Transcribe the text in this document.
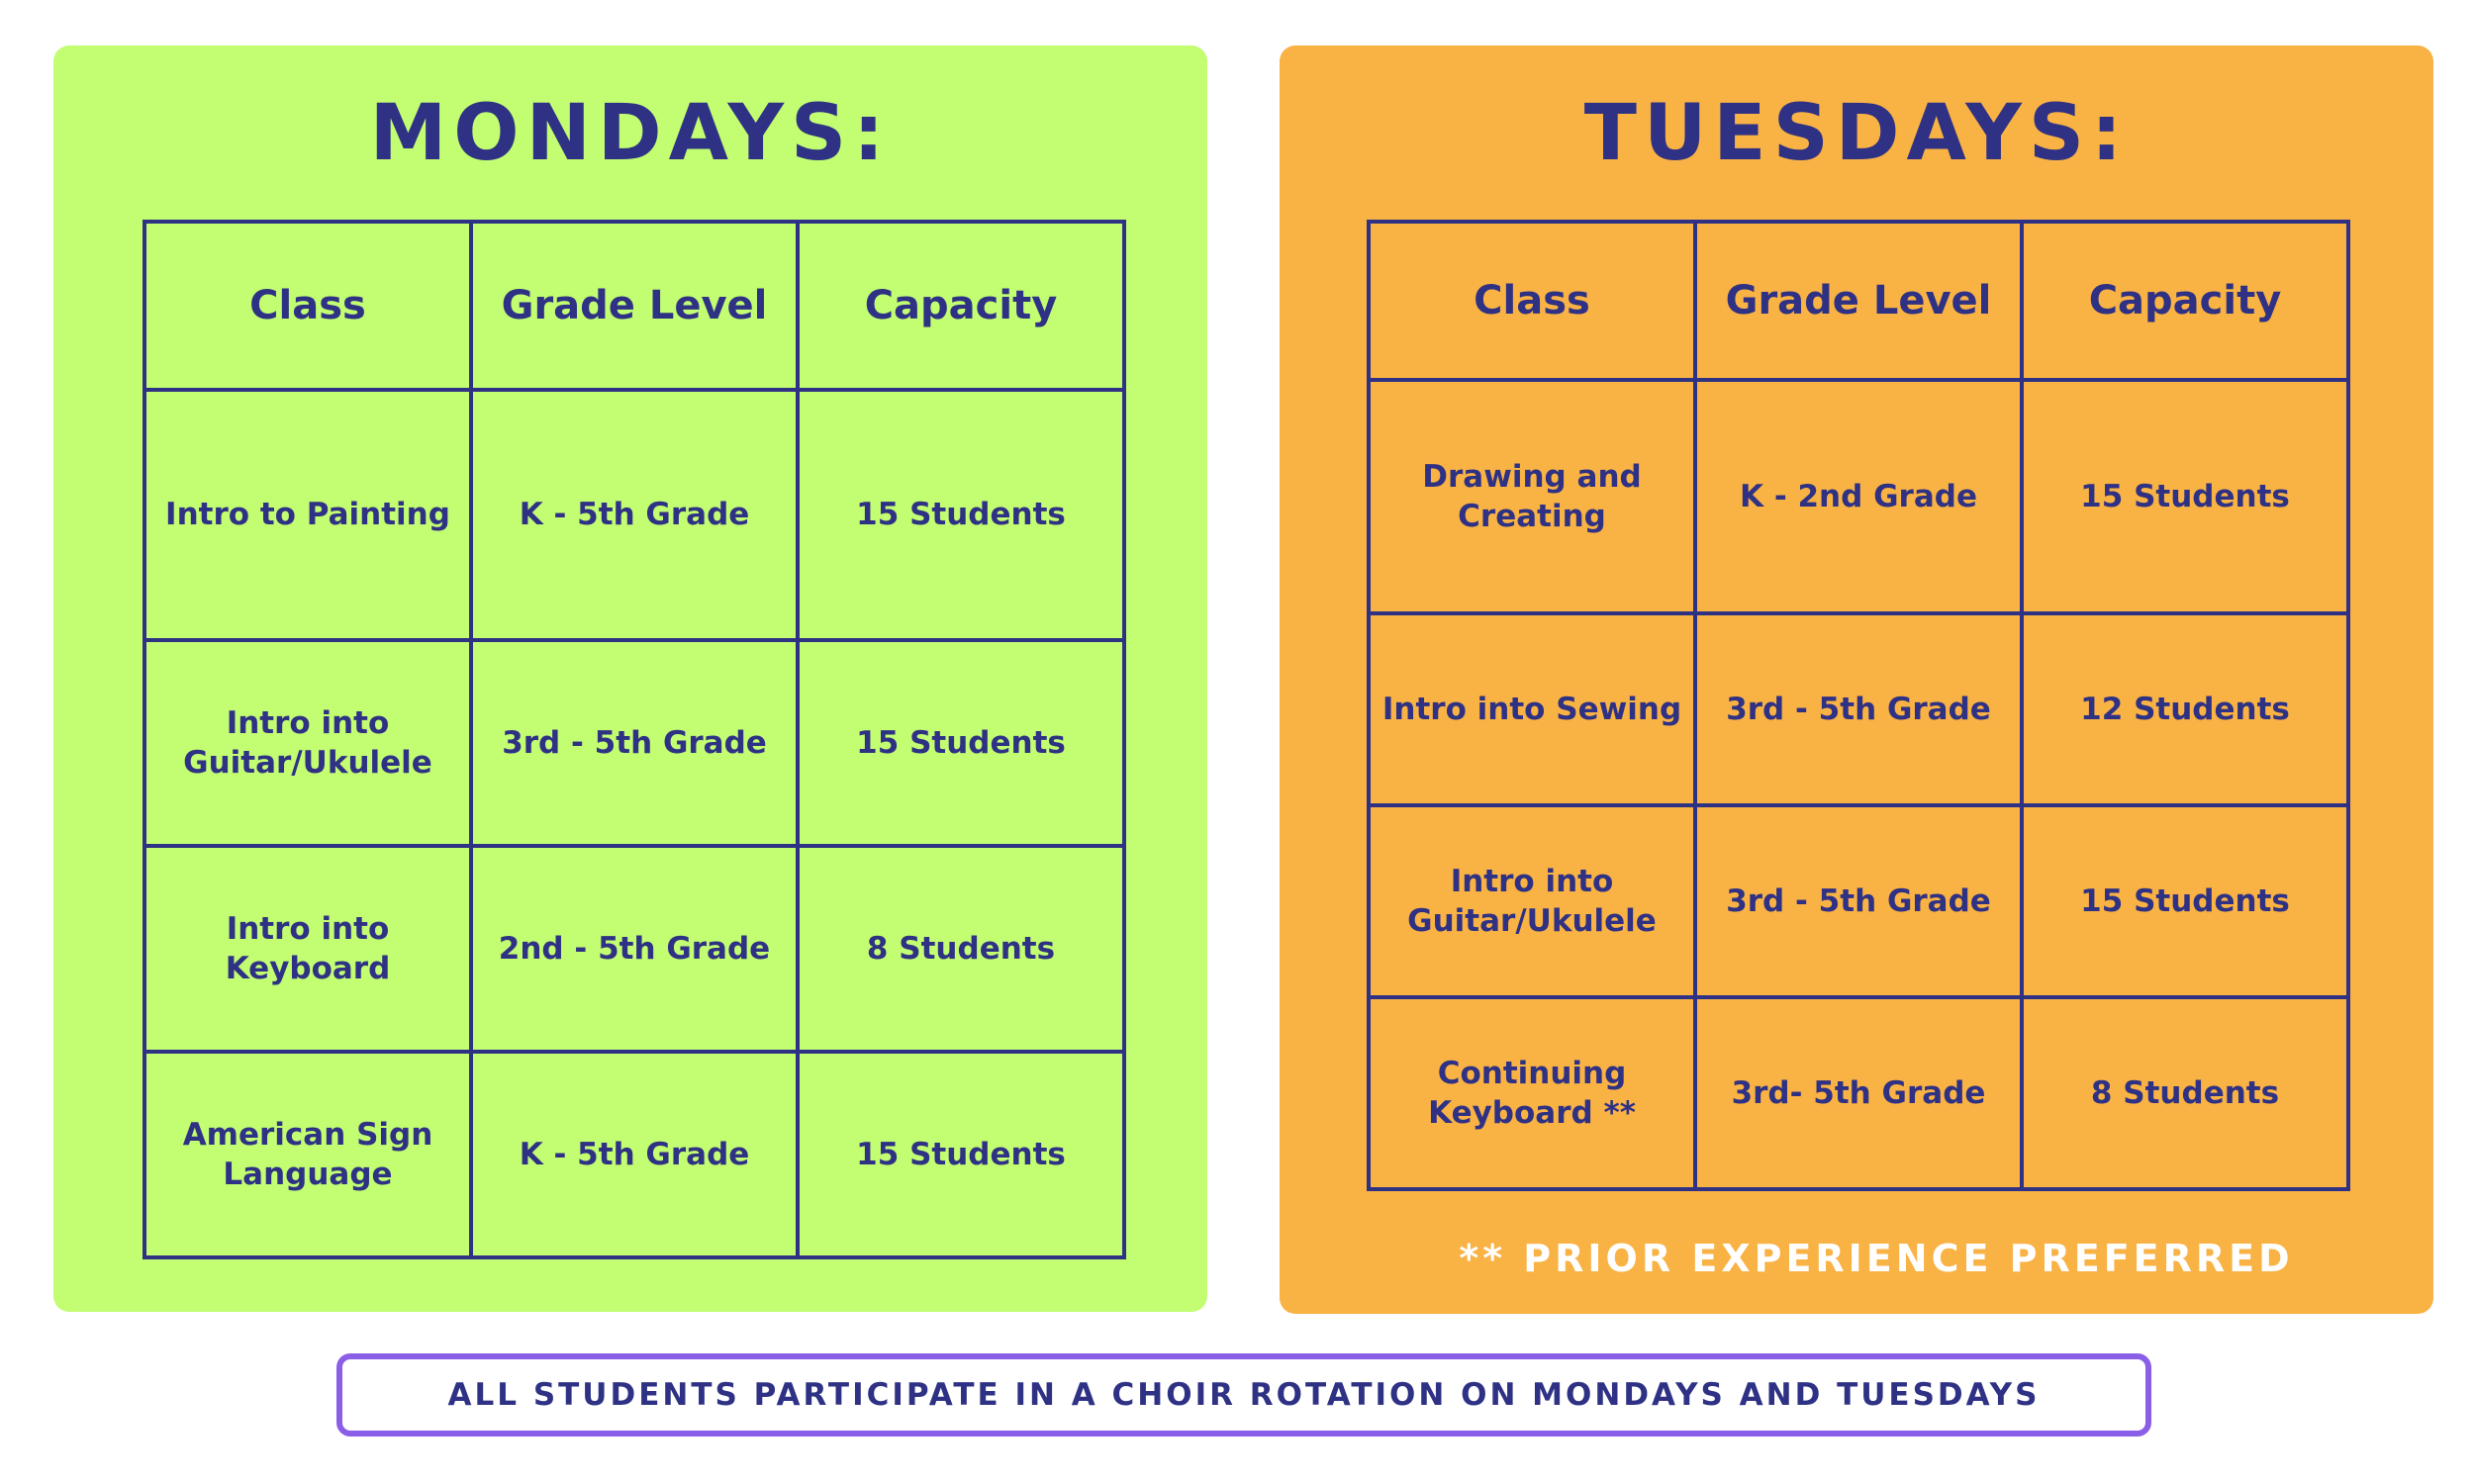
MONDAYS:
Class	Grade Level	Capacity
Intro to Painting	K - 5th Grade	15 Students
Intro into Guitar/Ukulele	3rd - 5th Grade	15 Students
Intro into Keyboard	2nd - 5th Grade	8 Students
American Sign Language	K - 5th Grade	15 Students
TUESDAYS:
Class	Grade Level	Capacity
Drawing and Creating	K - 2nd Grade	15 Students
Intro into Sewing	3rd - 5th Grade	12 Students
Intro into Guitar/Ukulele	3rd - 5th Grade	15 Students
Continuing Keyboard **	3rd- 5th Grade	8 Students
** PRIOR EXPERIENCE PREFERRED
ALL STUDENTS PARTICIPATE IN A CHOIR ROTATION ON MONDAYS AND TUESDAYS
